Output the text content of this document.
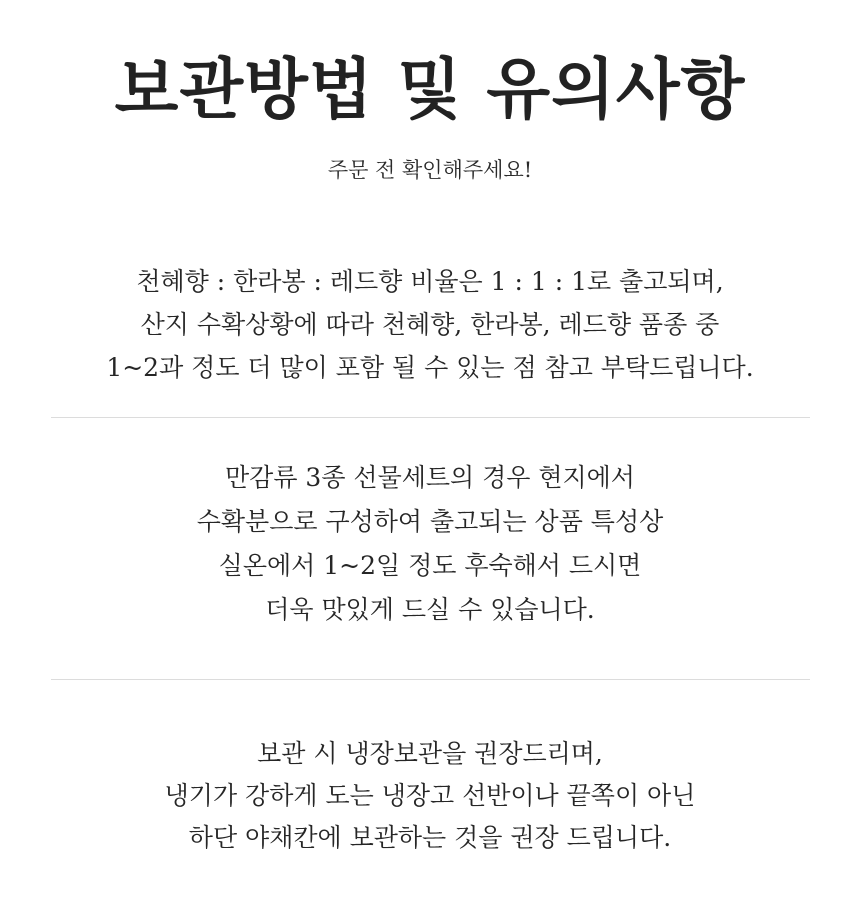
보관방법 및 유의사항

주문 전 확인해주세요!

천혜향 : 한라봉 : 레드향 비율은 1 : 1 : 1로 출고되며,

산지 수확상황에 따라 천혜향, 한라봉, 레드향 품종 중

1~2과 정도 더 많이 포함 될 수 있는 점 참고 부탁드립니다.

만감류 3종 선물세트의 경우 현지에서

수확분으로 구성하여 출고되는 상품 특성상

실온에서 1~2일 정도 후숙해서 드시면

더욱 맛있게 드실 수 있습니다.

보관 시 냉장보관을 권장드리며,

냉기가 강하게 도는 냉장고 선반이나 끝쪽이 아닌

하단 야채칸에 보관하는 것을 권장 드립니다.
